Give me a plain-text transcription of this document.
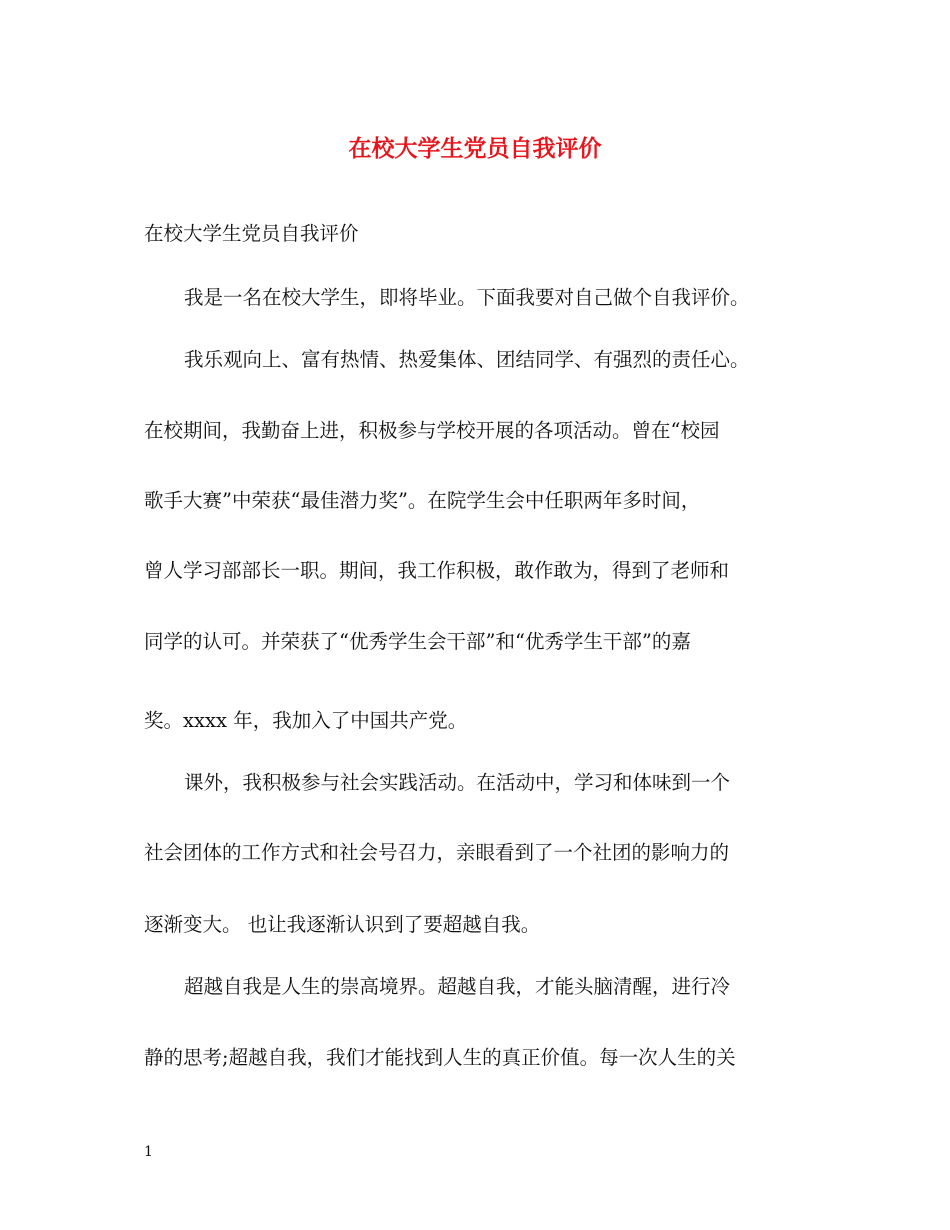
在校大学生党员自我评价

在校大学生党员自我评价

我是一名在校大学生，即将毕业。下面我要对自己做个自我评价。

我乐观向上、富有热情、热爱集体、团结同学、有强烈的责任心。

在校期间，我勤奋上进，积极参与学校开展的各项活动。曾在“校园

歌手大赛”中荣获“最佳潜力奖”。在院学生会中任职两年多时间，

曾人学习部部长一职。期间，我工作积极，敢作敢为，得到了老师和

同学的认可。并荣获了“优秀学生会干部”和“优秀学生干部”的嘉

奖。xxxx 年，我加入了中国共产党。

课外，我积极参与社会实践活动。在活动中，学习和体味到一个

社会团体的工作方式和社会号召力，亲眼看到了一个社团的影响力的

逐渐变大。 也让我逐渐认识到了要超越自我。

超越自我是人生的崇高境界。超越自我，才能头脑清醒，进行冷

静的思考;超越自我，我们才能找到人生的真正价值。每一次人生的关

1
